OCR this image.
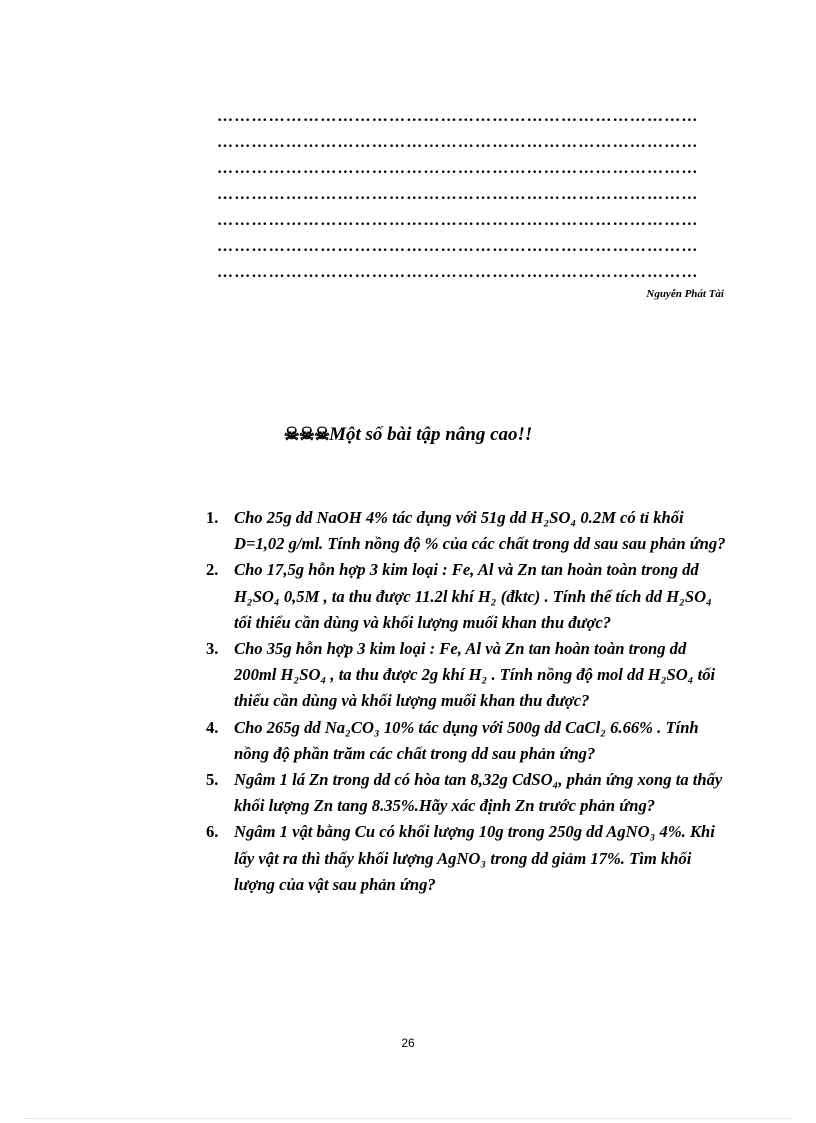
…………………………………………………………………………
…………………………………………………………………………
…………………………………………………………………………
…………………………………………………………………………
…………………………………………………………………………
…………………………………………………………………………
…………………………………………………………………………
Nguyễn Phát Tài
☠☠☠Một số bài tập nâng cao!!
1 . Cho 25g dd NaOH 4% tác dụng với 51g dd H₂SO₄ 0.2M có tỉ khối D=1,02 g/ml. Tính nồng độ % của các chất trong dd sau sau phản ứng?
2 . Cho 17,5g hỗn hợp 3 kim loại : Fe, Al và Zn tan hoàn toàn trong dd H₂SO₄ 0,5M , ta thu được 11.2l khí H₂ (đktc) . Tính thể tích dd H₂SO₄ tối thiểu cần dùng và khối lượng muối khan thu được?
3 . Cho 35g hỗn hợp 3 kim loại : Fe, Al và Zn tan hoàn toàn trong dd 200ml H₂SO₄ , ta thu được 2g khí H₂ . Tính nồng độ mol dd H₂SO₄ tối thiểu cần dùng và khối lượng muối khan thu được?
4 . Cho 265g dd Na₂CO₃ 10% tác dụng với 500g dd CaCl₂ 6.66% . Tính nồng độ phần trăm các chất trong dd sau phản ứng?
5 . Ngâm 1 lá Zn trong dd có hòa tan 8,32g CdSO₄, phản ứng xong ta thấy khối lượng Zn tang 8.35%.Hãy xác định Zn trước phản ứng?
6 . Ngâm 1 vật bằng Cu có khối lượng 10g trong 250g dd AgNO₃ 4%. Khi lấy vật ra thì thấy khối lượng AgNO₃ trong dd giảm 17%. Tìm khối lượng của vật sau phản ứng?
26
